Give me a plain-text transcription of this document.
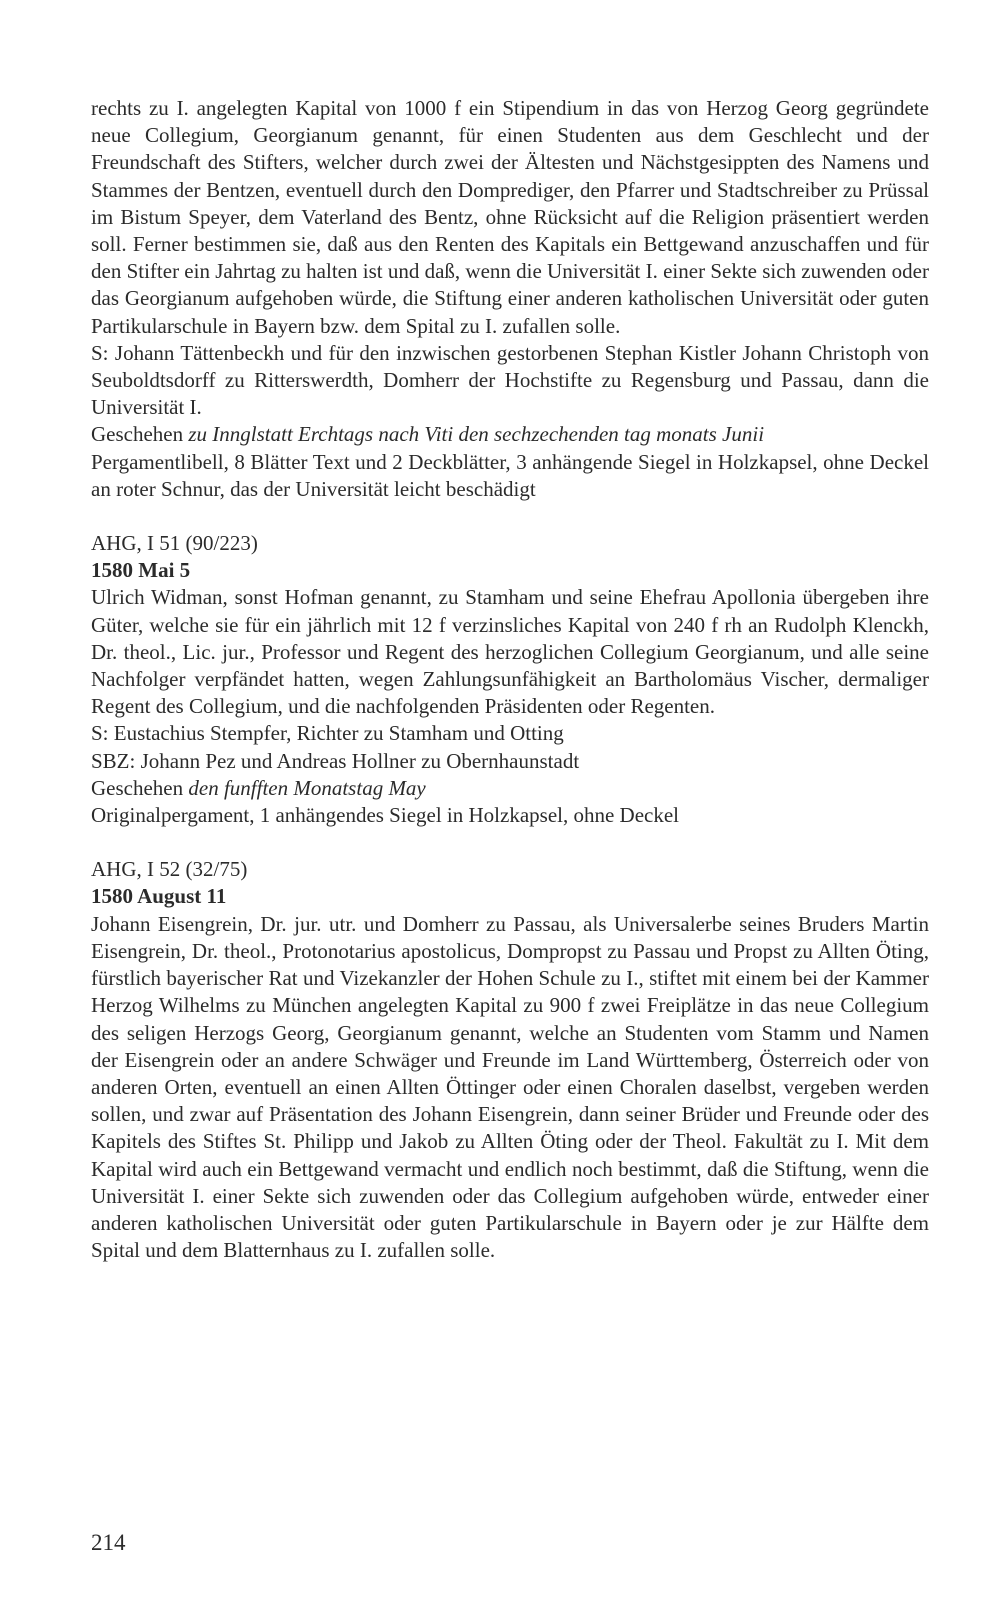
rechts zu I. angelegten Kapital von 1000 f ein Stipendium in das von Herzog Georg gegründete neue Collegium, Georgianum genannt, für einen Studenten aus dem Geschlecht und der Freundschaft des Stifters, welcher durch zwei der Ältesten und Nächstgesippten des Namens und Stammes der Bentzen, eventuell durch den Domprediger, den Pfarrer und Stadtschreiber zu Prüssal im Bistum Speyer, dem Vaterland des Bentz, ohne Rücksicht auf die Religion präsentiert werden soll. Ferner bestimmen sie, daß aus den Renten des Kapitals ein Bettgewand anzuschaffen und für den Stifter ein Jahrtag zu halten ist und daß, wenn die Universität I. einer Sekte sich zuwenden oder das Georgianum aufgehoben würde, die Stiftung einer anderen katholischen Universität oder guten Partikularschule in Bayern bzw. dem Spital zu I. zufallen solle.

S: Johann Tättenbeckh und für den inzwischen gestorbenen Stephan Kistler Johann Christoph von Seuboldtsdorff zu Ritterswerdth, Domherr der Hochstifte zu Regensburg und Passau, dann die Universität I.
Geschehen zu Innglstatt Erchtags nach Viti den sechzechenden tag monats Junii
Pergamentlibell, 8 Blätter Text und 2 Deckblätter, 3 anhängende Siegel in Holzkapsel, ohne Deckel an roter Schnur, das der Universität leicht beschädigt
AHG, I 51 (90/223)
1580 Mai 5

Ulrich Widman, sonst Hofman genannt, zu Stamham und seine Ehefrau Apollonia übergeben ihre Güter, welche sie für ein jährlich mit 12 f verzinsliches Kapital von 240 f rh an Rudolph Klenckh, Dr. theol., Lic. jur., Professor und Regent des herzoglichen Collegium Georgianum, und alle seine Nachfolger verpfändet hatten, wegen Zahlungsunfähigkeit an Bartholomäus Vischer, dermaliger Regent des Collegium, und die nachfolgenden Präsidenten oder Regenten.

S: Eustachius Stempfer, Richter zu Stamham und Otting
SBZ: Johann Pez und Andreas Hollner zu Obernhaunstadt
Geschehen den funfften Monatstag May
Originalpergament, 1 anhängendes Siegel in Holzkapsel, ohne Deckel
AHG, I 52 (32/75)
1580 August 11

Johann Eisengrein, Dr. jur. utr. und Domherr zu Passau, als Universalerbe seines Bruders Martin Eisengrein, Dr. theol., Protonotarius apostolicus, Dompropst zu Passau und Propst zu Allten Öting, fürstlich bayerischer Rat und Vizekanzler der Hohen Schule zu I., stiftet mit einem bei der Kammer Herzog Wilhelms zu München angelegten Kapital zu 900 f zwei Freiplätze in das neue Collegium des seligen Herzogs Georg, Georgianum genannt, welche an Studenten vom Stamm und Namen der Eisengrein oder an andere Schwäger und Freunde im Land Württemberg, Österreich oder von anderen Orten, eventuell an einen Allten Öttinger oder einen Choralen daselbst, vergeben werden sollen, und zwar auf Präsentation des Johann Eisengrein, dann seiner Brüder und Freunde oder des Kapitels des Stiftes St. Philipp und Jakob zu Allten Öting oder der Theol. Fakultät zu I. Mit dem Kapital wird auch ein Bettgewand vermacht und endlich noch bestimmt, daß die Stiftung, wenn die Universität I. einer Sekte sich zuwenden oder das Collegium aufgehoben würde, entweder einer anderen katholischen Universität oder guten Partikularschule in Bayern oder je zur Hälfte dem Spital und dem Blatternhaus zu I. zufallen solle.

214
